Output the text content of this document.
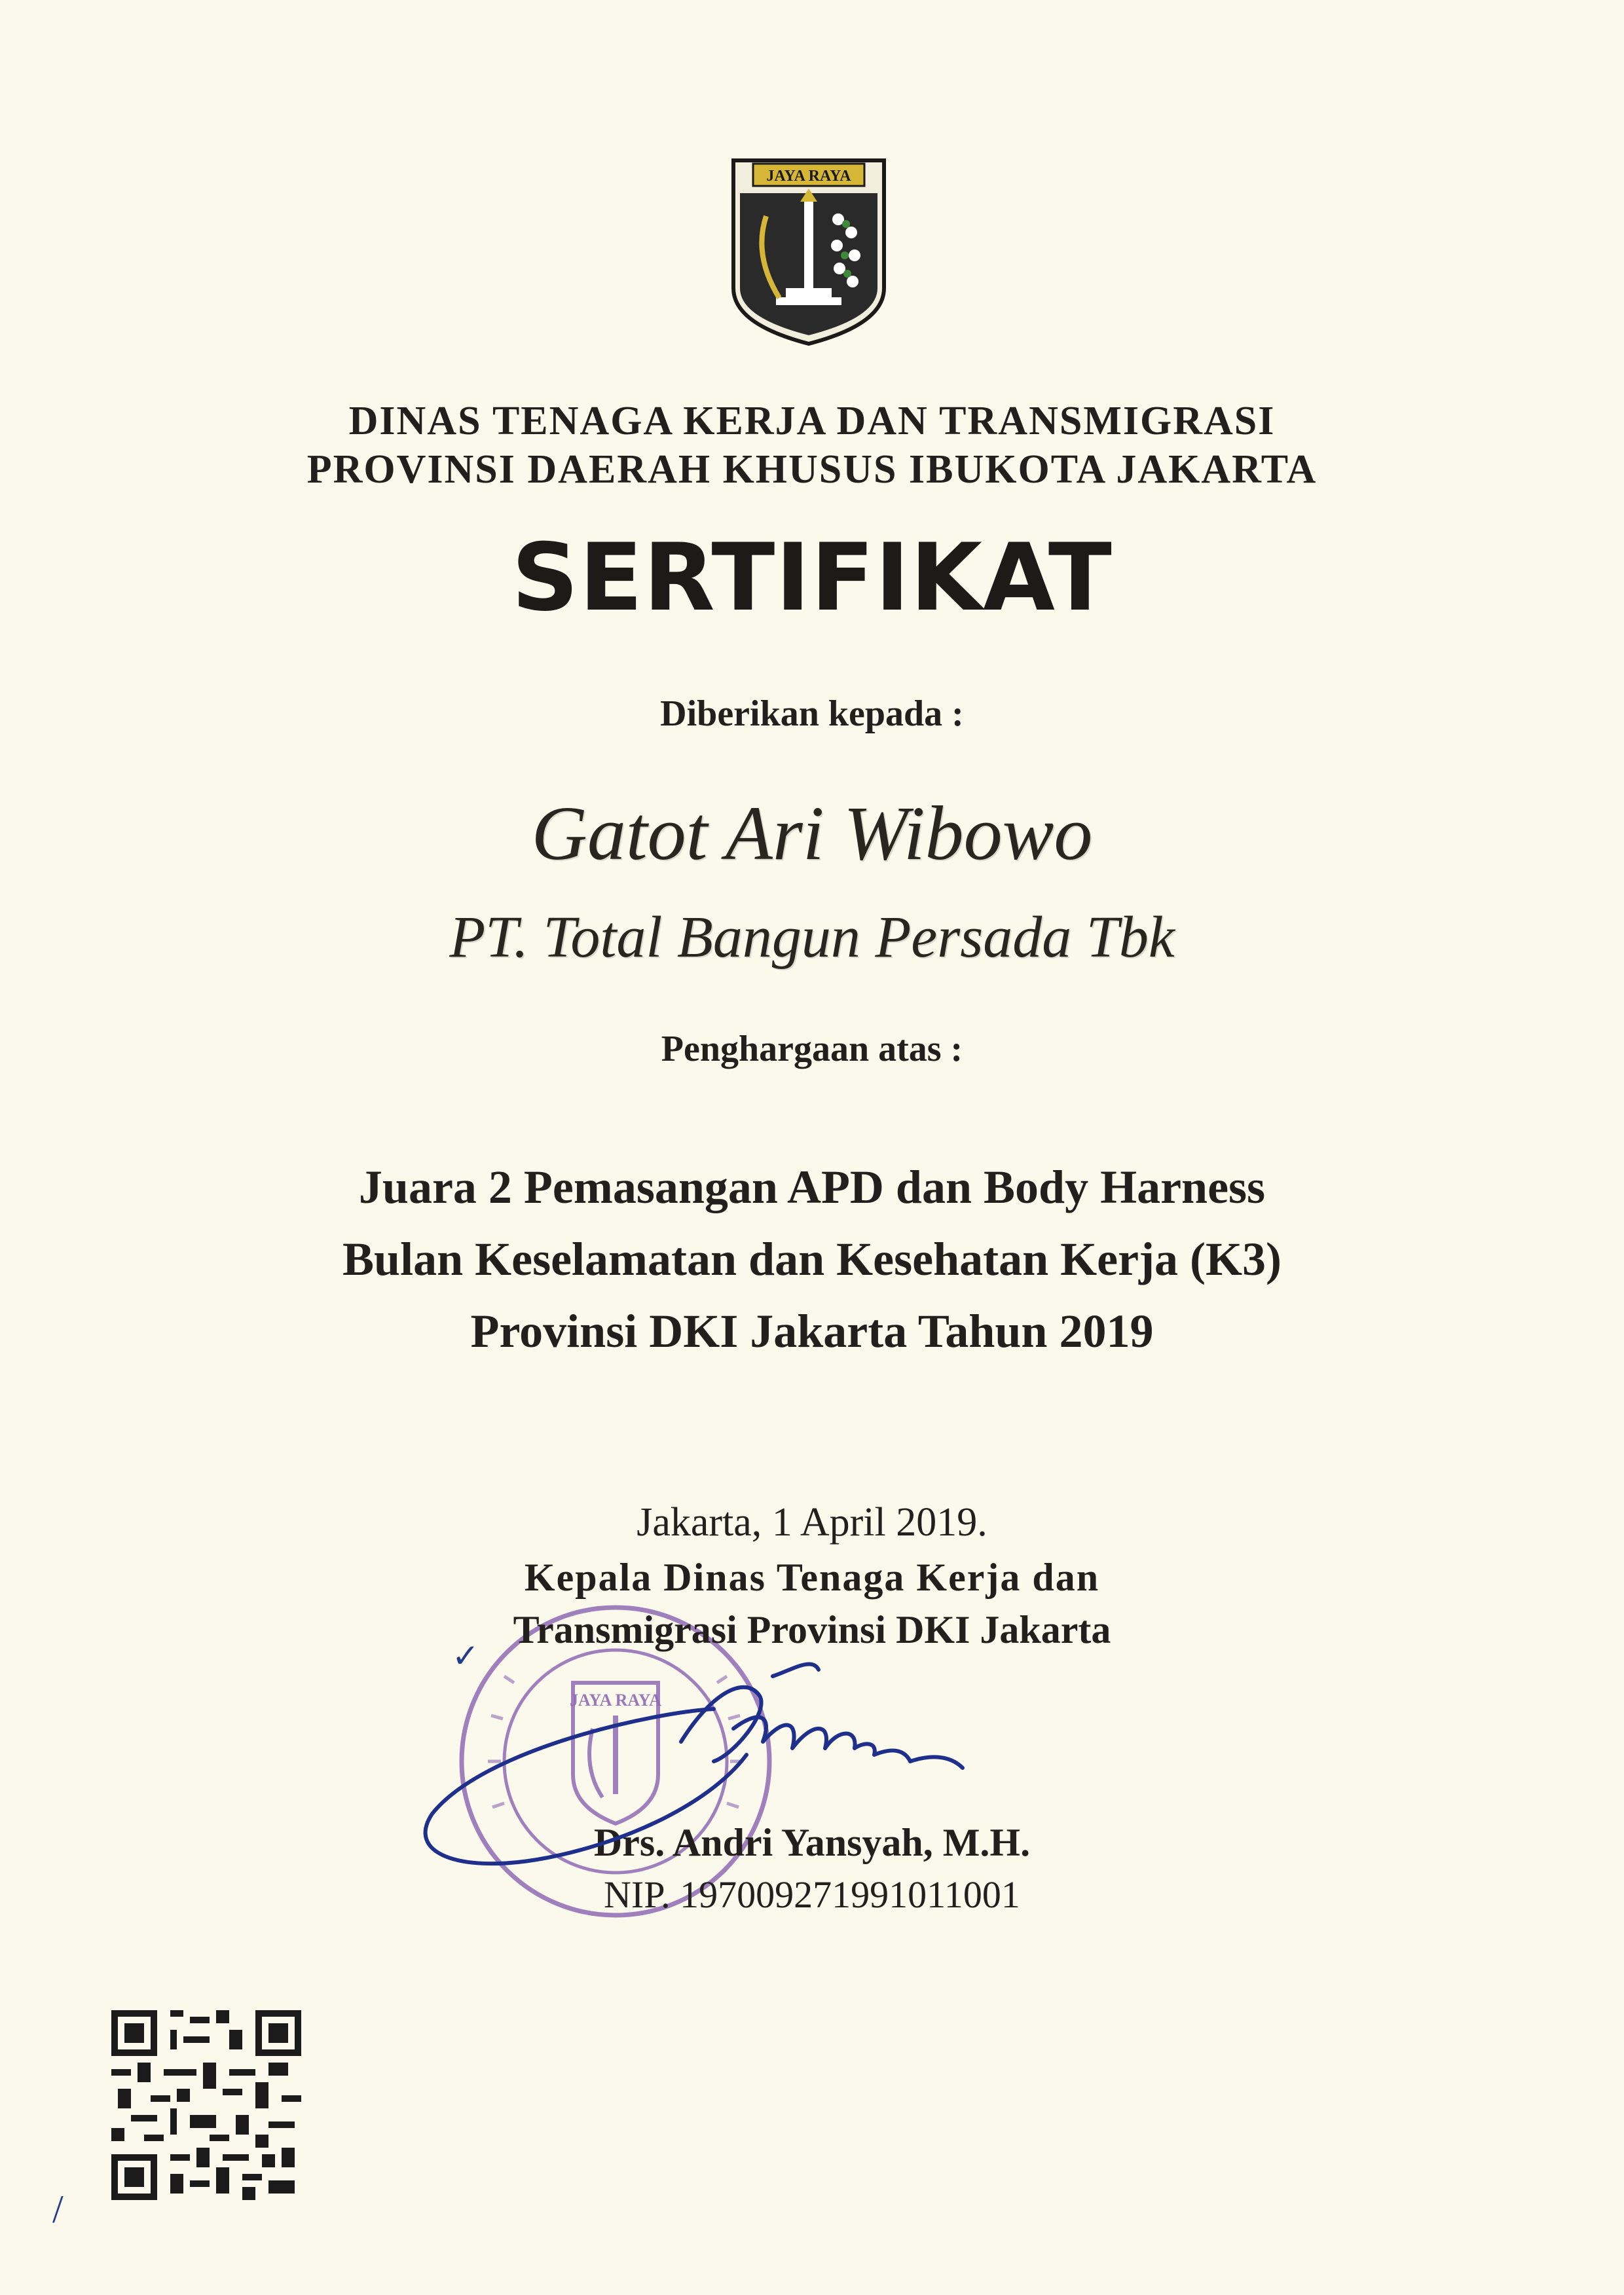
JAYA RAYA
DINAS TENAGA KERJA DAN TRANSMIGRASI
PROVINSI DAERAH KHUSUS IBUKOTA JAKARTA
SERTIFIKAT
Diberikan kepada :
Gatot Ari Wibowo
PT. Total Bangun Persada Tbk
Penghargaan atas :
Juara 2 Pemasangan APD dan Body Harness
Bulan Keselamatan dan Kesehatan Kerja (K3)
Provinsi DKI Jakarta Tahun 2019
JAYA RAYA
Jakarta, 1 April 2019.
Kepala Dinas Tenaga Kerja dan
Transmigrasi Provinsi DKI Jakarta
Drs. Andri Yansyah, M.H.
NIP. 197009271991011001
/
✓
